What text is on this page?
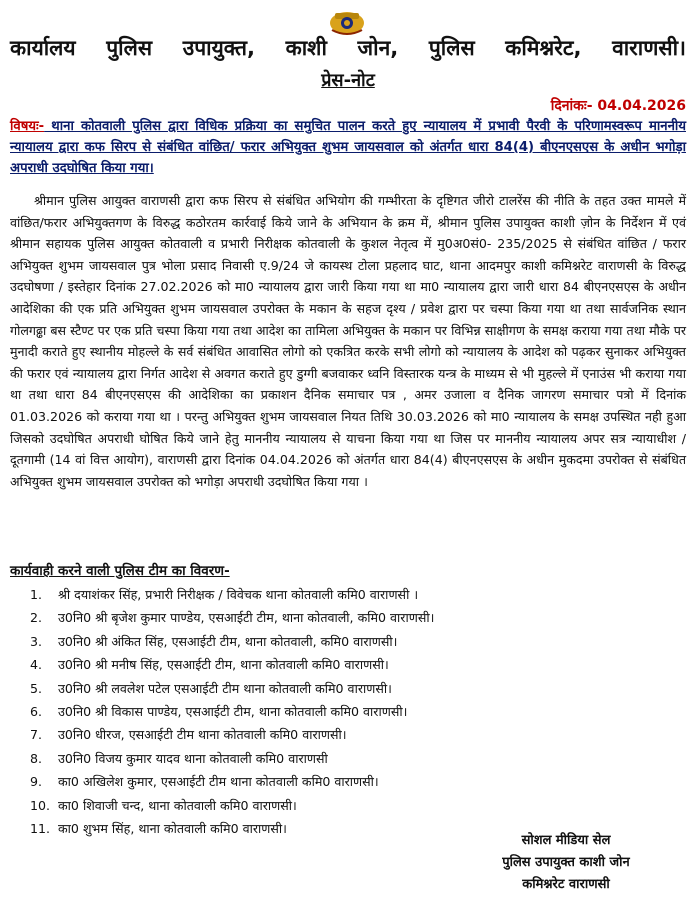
कार्यालय पुलिस उपायुक्त, काशी जोन, पुलिस कमिश्नरेट, वाराणसी।
प्रेस-नोट
दिनांकः- 04.04.2026
विषयः- थाना कोतवाली पुलिस द्वारा विधिक प्रक्रिया का समुचित पालन करते हुए न्यायालय में प्रभावी पैरवी के परिणामस्वरूप माननीय न्यायालय द्वारा कफ सिरप से संबंधित वांछित/ फरार अभियुक्त शुभम जायसवाल को अंतर्गत धारा 84(4) बीएनएसएस के अधीन भगोड़ा अपराधी उदघोषित किया गया।
श्रीमान पुलिस आयुक्त वाराणसी द्वारा कफ सिरप से संबंधित अभियोग की गम्भीरता के दृष्टिगत जीरो टालरेंस की नीति के तहत उक्त मामले में वांछित/फरार अभियुक्तगण के विरुद्ध कठोरतम कार्रवाई किये जाने के अभियान के क्रम में, श्रीमान पुलिस उपायुक्त काशी ज़ोन के निर्देशन में एवं श्रीमान सहायक पुलिस आयुक्त कोतवाली व प्रभारी निरीक्षक कोतवाली के कुशल नेतृत्व में मु0अ0सं0- 235/2025 से संबंधित वांछित / फरार अभियुक्त शुभम जायसवाल पुत्र भोला प्रसाद निवासी ए.9/24 जे कायस्थ टोला प्रहलाद घाट, थाना आदमपुर काशी कमिश्नरेट वाराणसी के विरुद्ध उदघोषणा / इस्तेहार दिनांक 27.02.2026 को मा0 न्यायालय द्वारा जारी किया गया था मा0 न्यायालय द्वारा जारी धारा 84 बीएनएसएस के अधीन आदेशिका की एक प्रति अभियुक्त शुभम जायसवाल उपरोक्त के मकान के सहज दृश्य / प्रवेश द्वारा पर चस्पा किया गया था तथा सार्वजनिक स्थान गोलगढ्ढा बस स्टैण्ट पर एक प्रति चस्पा किया गया तथा आदेश का तामिला अभियुक्त के मकान पर विभिन्न साक्षीगण के समक्ष कराया गया तथा मौके पर मुनादी कराते हुए स्थानीय मोहल्ले के सर्व संबंधित आवासित लोगो को एकत्रित करके सभी लोगो को न्यायालय के आदेश को पढ़कर सुनाकर अभियुक्त की फरार एवं न्यायालय द्वारा निर्गत आदेश से अवगत कराते हुए डुग्गी बजवाकर ध्वनि विस्तारक यन्त्र के माध्यम से भी मुहल्ले में एनाउंस भी कराया गया था तथा धारा 84 बीएनएसएस की आदेशिका का प्रकाशन दैनिक समाचार पत्र , अमर उजाला व दैनिक जागरण समाचार पत्रो में दिनांक 01.03.2026 को कराया गया था । परन्तु अभियुक्त शुभम जायसवाल नियत तिथि 30.03.2026 को मा0 न्यायालय के समक्ष उपस्थित नही हुआ जिसको उदघोषित अपराधी घोषित किये जाने हेतु माननीय न्यायालय से याचना किया गया था जिस पर माननीय न्यायालय अपर सत्र न्यायाधीश / दूतगामी (14 वां वित्त आयोग), वाराणसी द्वारा दिनांक 04.04.2026 को अंतर्गत धारा 84(4) बीएनएसएस के अधीन मुकदमा उपरोक्त से संबंधित अभियुक्त शुभम जायसवाल उपरोक्त को भगोड़ा अपराधी उदघोषित किया गया ।
कार्यवाही करने वाली पुलिस टीम का विवरण-
1.	श्री दयाशंकर सिंह, प्रभारी निरीक्षक / विवेचक थाना कोतवाली कमि0 वाराणसी ।
2.	उ0नि0 श्री बृजेश कुमार पाण्डेय, एसआईटी टीम, थाना कोतवाली, कमि0 वाराणसी।
3.	उ0नि0 श्री अंकित सिंह, एसआईटी टीम, थाना कोतवाली, कमि0 वाराणसी।
4.	उ0नि0 श्री मनीष सिंह, एसआईटी टीम, थाना कोतवाली कमि0 वाराणसी।
5.	उ0नि0 श्री लवलेश पटेल एसआईटी टीम थाना कोतवाली कमि0 वाराणसी।
6.	उ0नि0 श्री विकास पाण्डेय, एसआईटी टीम, थाना कोतवाली कमि0 वाराणसी।
7.	उ0नि0 धीरज, एसआईटी टीम थाना कोतवाली कमि0 वाराणसी।
8.	उ0नि0 विजय कुमार यादव थाना कोतवाली कमि0 वाराणसी
9.	का0 अखिलेश कुमार, एसआईटी टीम थाना कोतवाली कमि0 वाराणसी।
10. का0 शिवाजी चन्द, थाना कोतवाली कमि0 वाराणसी।
11. का0 शुभम सिंह, थाना कोतवाली कमि0 वाराणसी।
सोशल मीडिया सेल
पुलिस उपायुक्त काशी जोन
कमिश्नरेट वाराणसी
